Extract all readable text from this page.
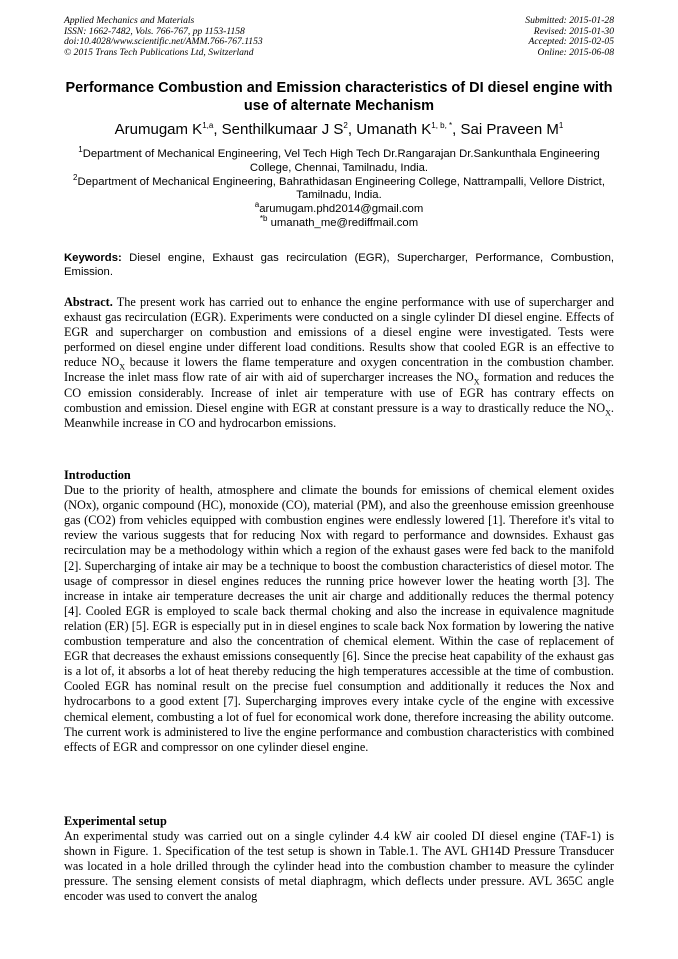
Applied Mechanics and Materials
ISSN: 1662-7482, Vols. 766-767, pp 1153-1158
doi:10.4028/www.scientific.net/AMM.766-767.1153
© 2015 Trans Tech Publications Ltd, Switzerland
Submitted: 2015-01-28
Revised: 2015-01-30
Accepted: 2015-02-05
Online: 2015-06-08
Performance Combustion and Emission characteristics of DI diesel engine with use of alternate Mechanism
Arumugam K$^{1,a}$, Senthilkumaar J $S^2$, Umanath $K^{1, b, *}$, Sai Praveen $M^1$

$^1$Department of Mechanical Engineering, Vel Tech High Tech Dr.Rangarajan Dr.Sankunthala Engineering College, Chennai, Tamilnadu, India.

$^2$Department of Mechanical Engineering, Bahrathidasan Engineering College, Nattrampalli, Vellore District, Tamilnadu, India.

$^a$arumugam.phd2014@gmail.com

$^{*b}$ umanath_me@rediffmail.com

Keywords: Diesel engine, Exhaust gas recirculation (EGR), Supercharger, Performance, Combustion, Emission.
Abstract. The present work has carried out to enhance the engine performance with use of supercharger and exhaust gas recirculation (EGR). Experiments were conducted on a single cylinder DI diesel engine. Effects of EGR and supercharger on combustion and emissions of a diesel engine were investigated. Tests were performed on diesel engine under different load conditions. Results show that cooled EGR is an effective to reduce $NO_X$ because it lowers the flame temperature and oxygen concentration in the combustion chamber. Increase the inlet mass flow rate of air with aid of supercharger increases the $NO_X$ formation and reduces the CO emission considerably. Increase of inlet air temperature with use of EGR has contrary effects on combustion and emission. Diesel engine with EGR at constant pressure is a way to drastically reduce the $NO_X$. Meanwhile increase in CO and hydrocarbon emissions.

Introduction

Due to the priority of health, atmosphere and climate the bounds for emissions of chemical element oxides (NOx), organic compound (HC), monoxide (CO), material (PM), and also the greenhouse emission greenhouse gas (CO2) from vehicles equipped with combustion engines were endlessly lowered [1]. Therefore it's vital to review the various suggests that for reducing Nox with regard to performance and downsides. Exhaust gas recirculation may be a methodology within which a region of the exhaust gases were fed back to the manifold [2]. Supercharging of intake air may be a technique to boost the combustion characteristics of diesel motor. The usage of compressor in diesel engines reduces the running price however lower the heating worth [3]. The increase in intake air temperature decreases the unit air charge and additionally reduces the thermal potency [4]. Cooled EGR is employed to scale back thermal choking and also the increase in equivalence magnitude relation (ER) [5]. EGR is especially put in in diesel engines to scale back Nox formation by lowering the native combustion temperature and also the concentration of chemical element. Within the case of replacement of EGR that decreases the exhaust emissions consequently [6]. Since the precise heat capability of the exhaust gas is a lot of, it absorbs a lot of heat thereby reducing the high temperatures accessible at the time of combustion. Cooled EGR has nominal result on the precise fuel consumption and additionally it reduces the Nox and hydrocarbons to a good extent [7]. Supercharging improves every intake cycle of the engine with excessive chemical element, combusting a lot of fuel for economical work done, therefore increasing the ability outcome. The current work is administered to live the engine performance and combustion characteristics with combined effects of EGR and compressor on one cylinder diesel engine.

Experimental setup

An experimental study was carried out on a single cylinder 4.4 kW air cooled DI diesel engine (TAF-1) is shown in Figure. 1. Specification of the test setup is shown in Table.1. The AVL GH14D Pressure Transducer was located in a hole drilled through the cylinder head into the combustion chamber to measure the cylinder pressure. The sensing element consists of metal diaphragm, which deflects under pressure. AVL 365C angle encoder was used to convert the analog
